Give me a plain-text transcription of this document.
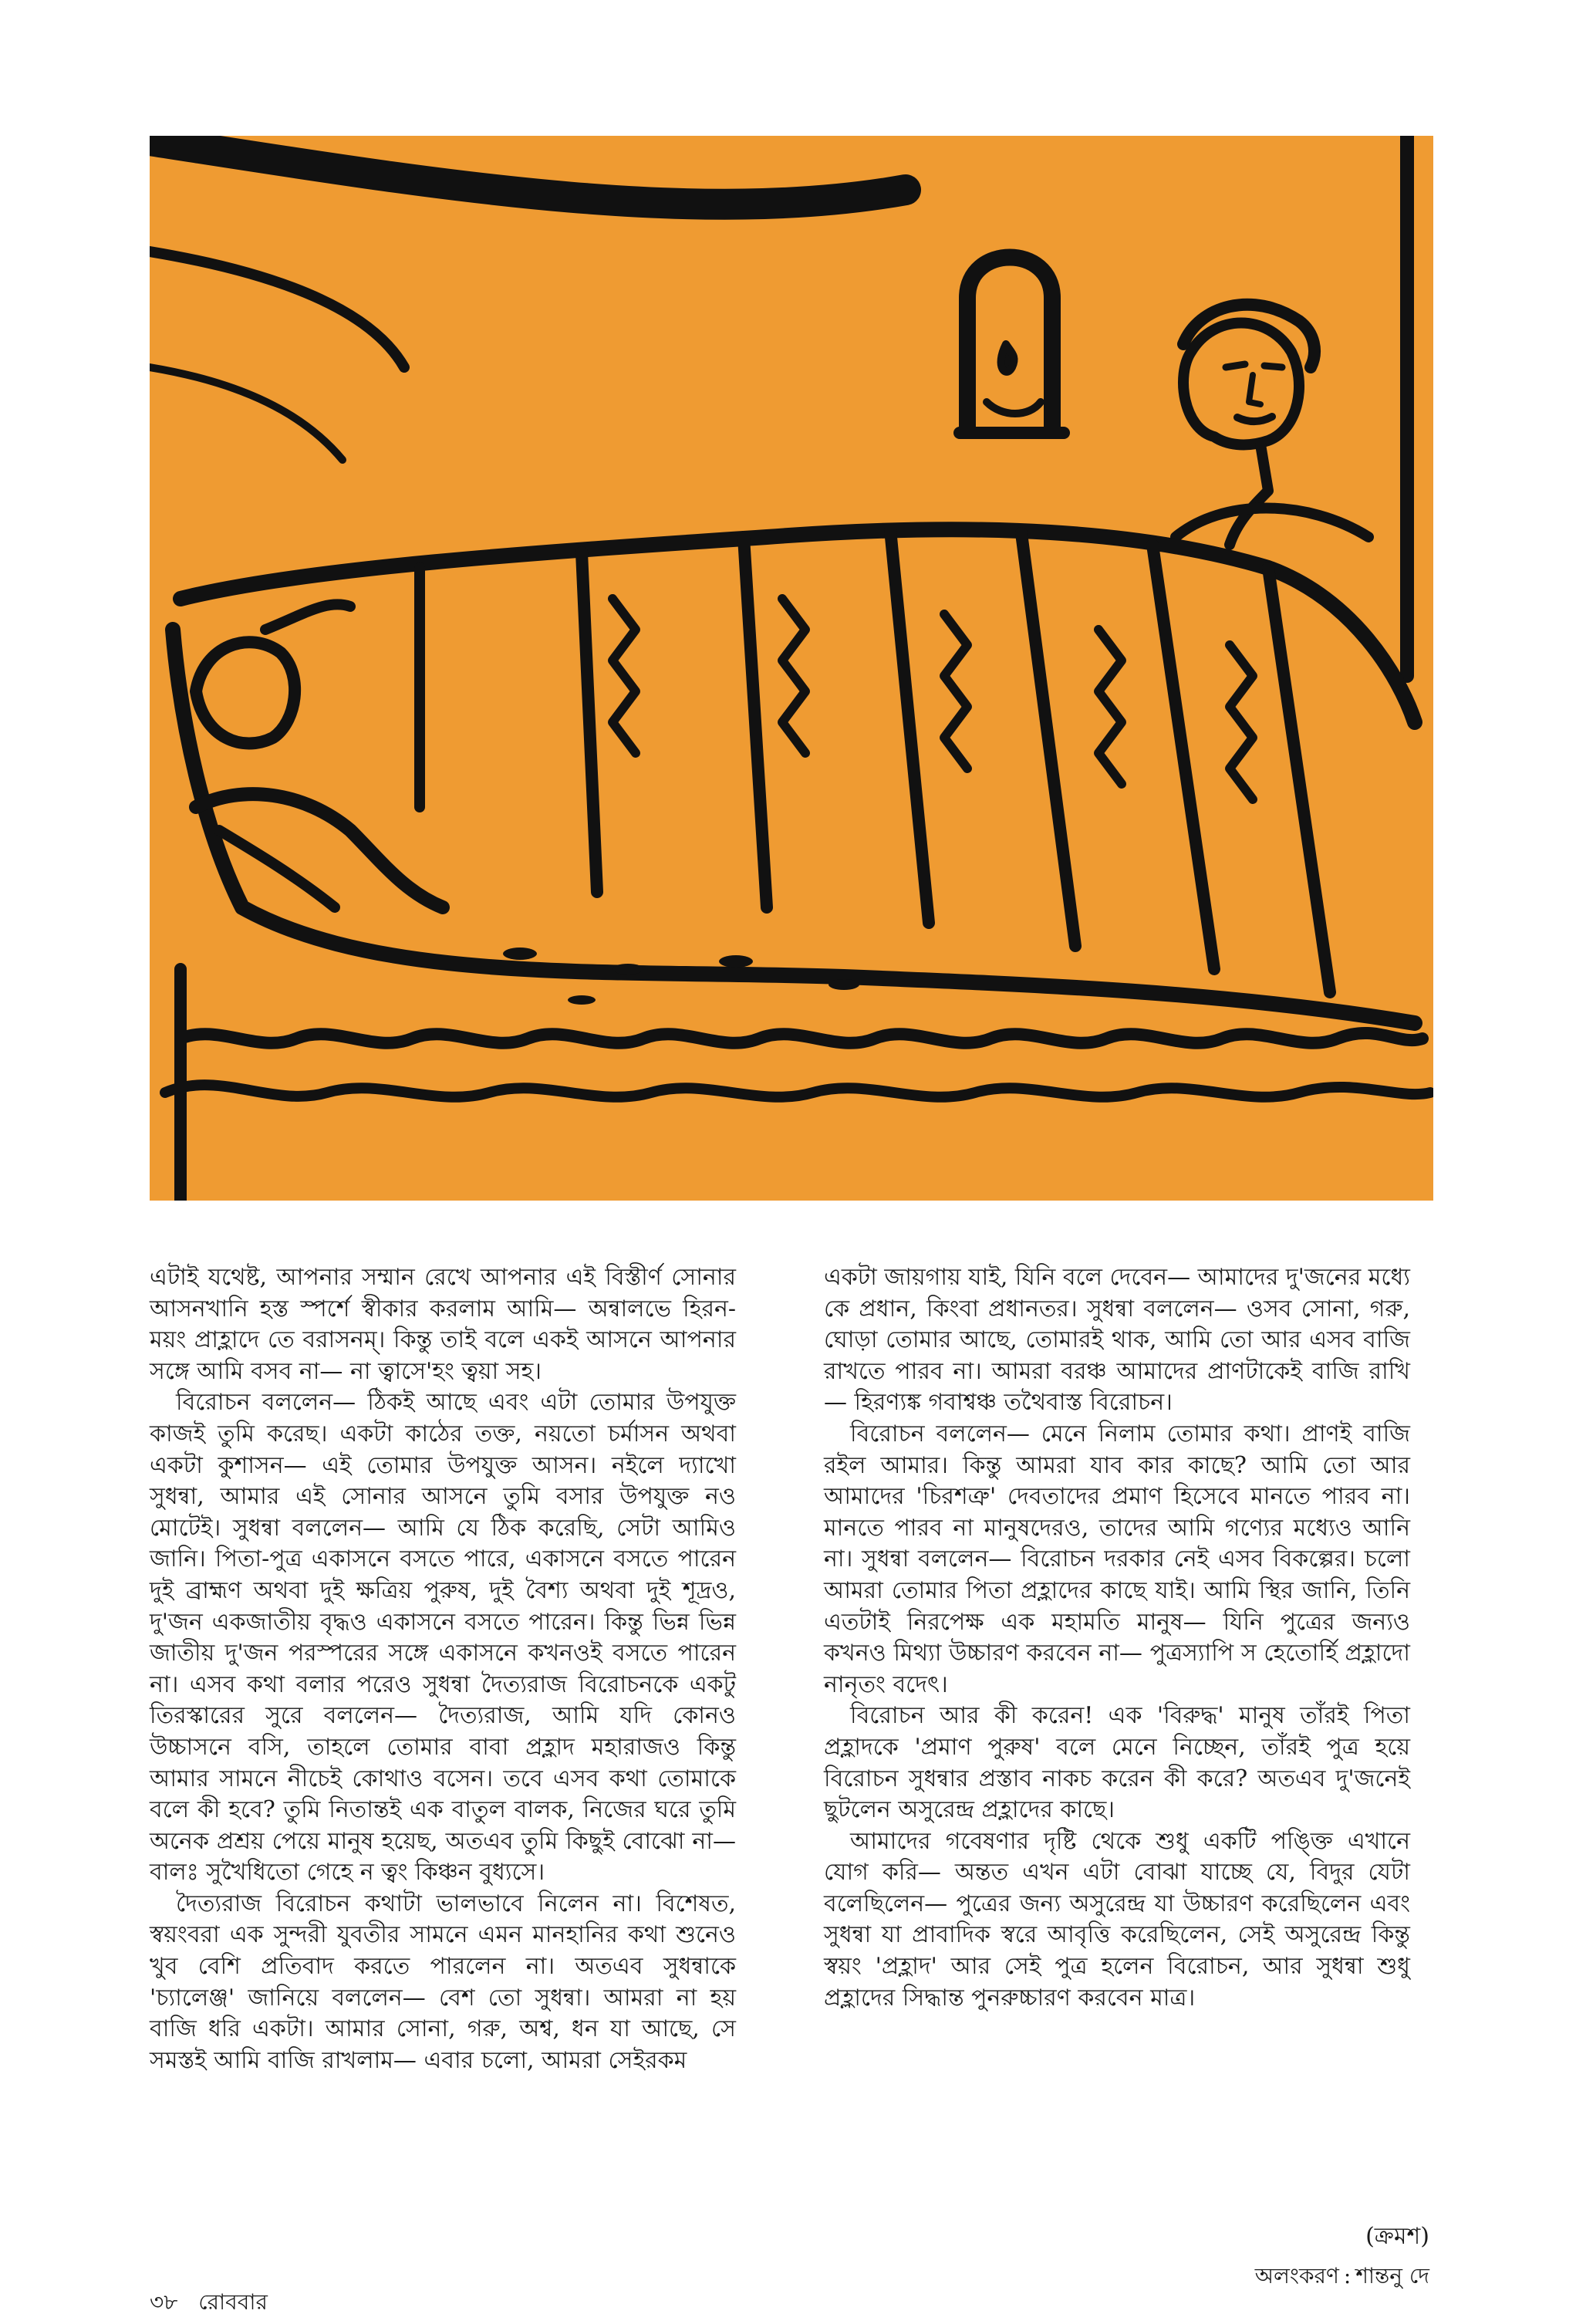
এটাই যথেষ্ট, আপনার সম্মান রেখে আপনার এই বিস্তীর্ণ সোনার আসনখানি হস্ত স্পর্শে স্বীকার করলাম আমি— অন্বালভে হিরন-ময়ং প্রাহ্লাদে তে বরাসনম্। কিন্তু তাই বলে একই আসনে আপনার সঙ্গে আমি বসব না— না ত্বাসে'হং ত্বয়া সহ।

বিরোচন বললেন— ঠিকই আছে এবং এটা তোমার উপযুক্ত কাজই তুমি করেছ। একটা কাঠের তক্ত, নয়তো চর্মাসন অথবা একটা কুশাসন— এই তোমার উপযুক্ত আসন। নইলে দ্যাখো সুধন্বা, আমার এই সোনার আসনে তুমি বসার উপযুক্ত নও মোটেই। সুধন্বা বললেন— আমি যে ঠিক করেছি, সেটা আমিও জানি। পিতা-পুত্র একাসনে বসতে পারে, একাসনে বসতে পারেন দুই ব্রাহ্মণ অথবা দুই ক্ষত্রিয় পুরুষ, দুই বৈশ্য অথবা দুই শূদ্রও, দু'জন একজাতীয় বৃদ্ধও একাসনে বসতে পারেন। কিন্তু ভিন্ন ভিন্ন জাতীয় দু'জন পরস্পরের সঙ্গে একাসনে কখনওই বসতে পারেন না। এসব কথা বলার পরেও সুধন্বা দৈত্যরাজ বিরোচনকে একটু তিরস্কারের সুরে বললেন— দৈত্যরাজ, আমি যদি কোনও উচ্চাসনে বসি, তাহলে তোমার বাবা প্রহ্লাদ মহারাজও কিন্তু আমার সামনে নীচেই কোথাও বসেন। তবে এসব কথা তোমাকে বলে কী হবে? তুমি নিতান্তই এক বাতুল বালক, নিজের ঘরে তুমি অনেক প্রশ্রয় পেয়ে মানুষ হয়েছ, অতএব তুমি কিছুই বোঝো না— বালঃ সুখৈধিতো গেহে ন ত্বং কিঞ্চন বুধ্যসে।

দৈত্যরাজ বিরোচন কথাটা ভালভাবে নিলেন না। বিশেষত, স্বয়ংবরা এক সুন্দরী যুবতীর সামনে এমন মানহানির কথা শুনেও খুব বেশি প্রতিবাদ করতে পারলেন না। অতএব সুধন্বাকে 'চ্যালেঞ্জ' জানিয়ে বললেন— বেশ তো সুধন্বা। আমরা না হয় বাজি ধরি একটা। আমার সোনা, গরু, অশ্ব, ধন যা আছে, সে সমস্তই আমি বাজি রাখলাম— এবার চলো, আমরা সেইরকম

একটা জায়গায় যাই, যিনি বলে দেবেন— আমাদের দু'জনের মধ্যে কে প্রধান, কিংবা প্রধানতর। সুধন্বা বললেন— ওসব সোনা, গরু, ঘোড়া তোমার আছে, তোমারই থাক, আমি তো আর এসব বাজি রাখতে পারব না। আমরা বরঞ্চ আমাদের প্রাণটাকেই বাজি রাখি— হিরণ্যঙ্ক গবাশ্বঞ্চ তথৈবাস্ত বিরোচন।

বিরোচন বললেন— মেনে নিলাম তোমার কথা। প্রাণই বাজি রইল আমার। কিন্তু আমরা যাব কার কাছে? আমি তো আর আমাদের 'চিরশত্রু' দেবতাদের প্রমাণ হিসেবে মানতে পারব না। মানতে পারব না মানুষদেরও, তাদের আমি গণ্যের মধ্যেও আনি না। সুধন্বা বললেন— বিরোচন দরকার নেই এসব বিকল্পের। চলো আমরা তোমার পিতা প্রহ্লাদের কাছে যাই। আমি স্থির জানি, তিনি এতটাই নিরপেক্ষ এক মহামতি মানুষ— যিনি পুত্রের জন্যও কখনও মিথ্যা উচ্চারণ করবেন না— পুত্রস্যাপি স হেতোর্হি প্রহ্লাদো নানৃতং বদেৎ।

বিরোচন আর কী করেন! এক 'বিরুদ্ধ' মানুষ তাঁরই পিতা প্রহ্লাদকে 'প্রমাণ পুরুষ' বলে মেনে নিচ্ছেন, তাঁরই পুত্র হয়ে বিরোচন সুধন্বার প্রস্তাব নাকচ করেন কী করে? অতএব দু'জনেই ছুটলেন অসুরেন্দ্র প্রহ্লাদের কাছে।

আমাদের গবেষণার দৃষ্টি থেকে শুধু একটি পঙ্ক্তি এখানে যোগ করি— অন্তত এখন এটা বোঝা যাচ্ছে যে, বিদুর যেটা বলেছিলেন— পুত্রের জন্য অসুরেন্দ্র যা উচ্চারণ করেছিলেন এবং সুধন্বা যা প্রাবাদিক স্বরে আবৃত্তি করেছিলেন, সেই অসুরেন্দ্র কিন্তু স্বয়ং 'প্রহ্লাদ' আর সেই পুত্র হলেন বিরোচন, আর সুধন্বা শুধু প্রহ্লাদের সিদ্ধান্ত পুনরুচ্চারণ করবেন মাত্র।

(ক্রমশ)
অলংকরণ : শান্তনু দে
৩৮ রোববার
